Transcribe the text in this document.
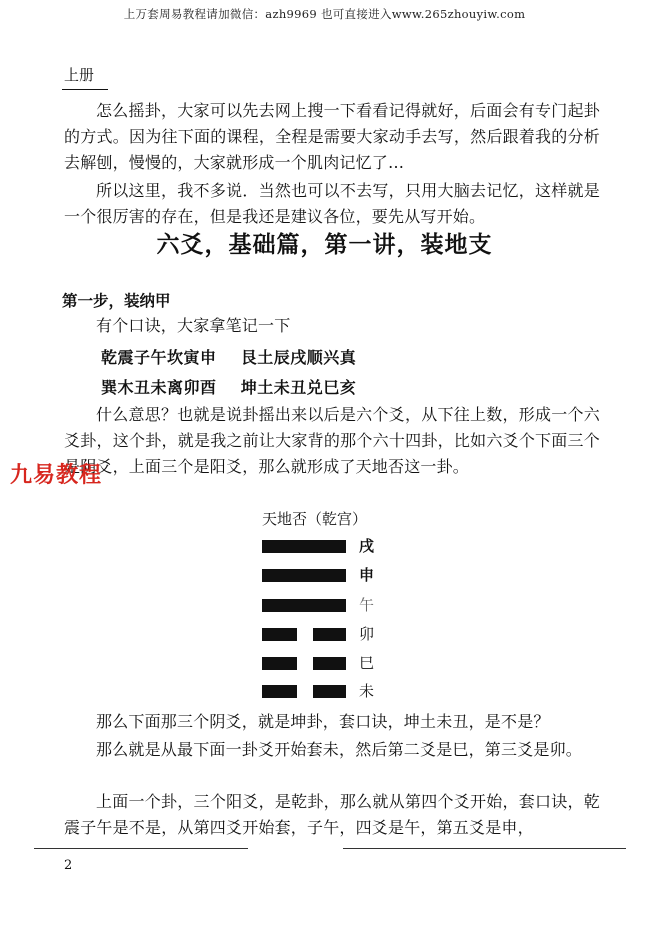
上万套周易教程请加微信：azh9969 也可直接进入www.265zhouyiw.com
上册

怎么摇卦，大家可以先去网上搜一下看看记得就好，后面会有专门起卦的方式。因为往下面的课程，全程是需要大家动手去写，然后跟着我的分析去解刨，慢慢的，大家就形成一个肌肉记忆了…

所以这里，我不多说．当然也可以不去写，只用大脑去记忆，这样就是一个很厉害的存在，但是我还是建议各位，要先从写开始。

六爻，基础篇，第一讲，装地支
第一步，装纳甲

有个口诀，大家拿笔记一下

乾震子午坎寅申    艮土辰戌顺兴真
巽木丑未离卯酉    坤土未丑兑巳亥

什么意思？也就是说卦摇出来以后是六个爻，从下往上数，形成一个六爻卦，这个卦，就是我之前让大家背的那个六十四卦，比如六爻个下面三个是阴爻，上面三个是阳爻，那么就形成了天地否这一卦。

九易教程
天地否（乾宫）
戌
申
午
卯
巳
未

那么下面那三个阴爻，就是坤卦，套口诀，坤土未丑，是不是？

那么就是从最下面一卦爻开始套未，然后第二爻是巳，第三爻是卯。

上面一个卦，三个阳爻，是乾卦，那么就从第四个爻开始，套口诀，乾震子午是不是，从第四爻开始套，子午，四爻是午，第五爻是申，

2
